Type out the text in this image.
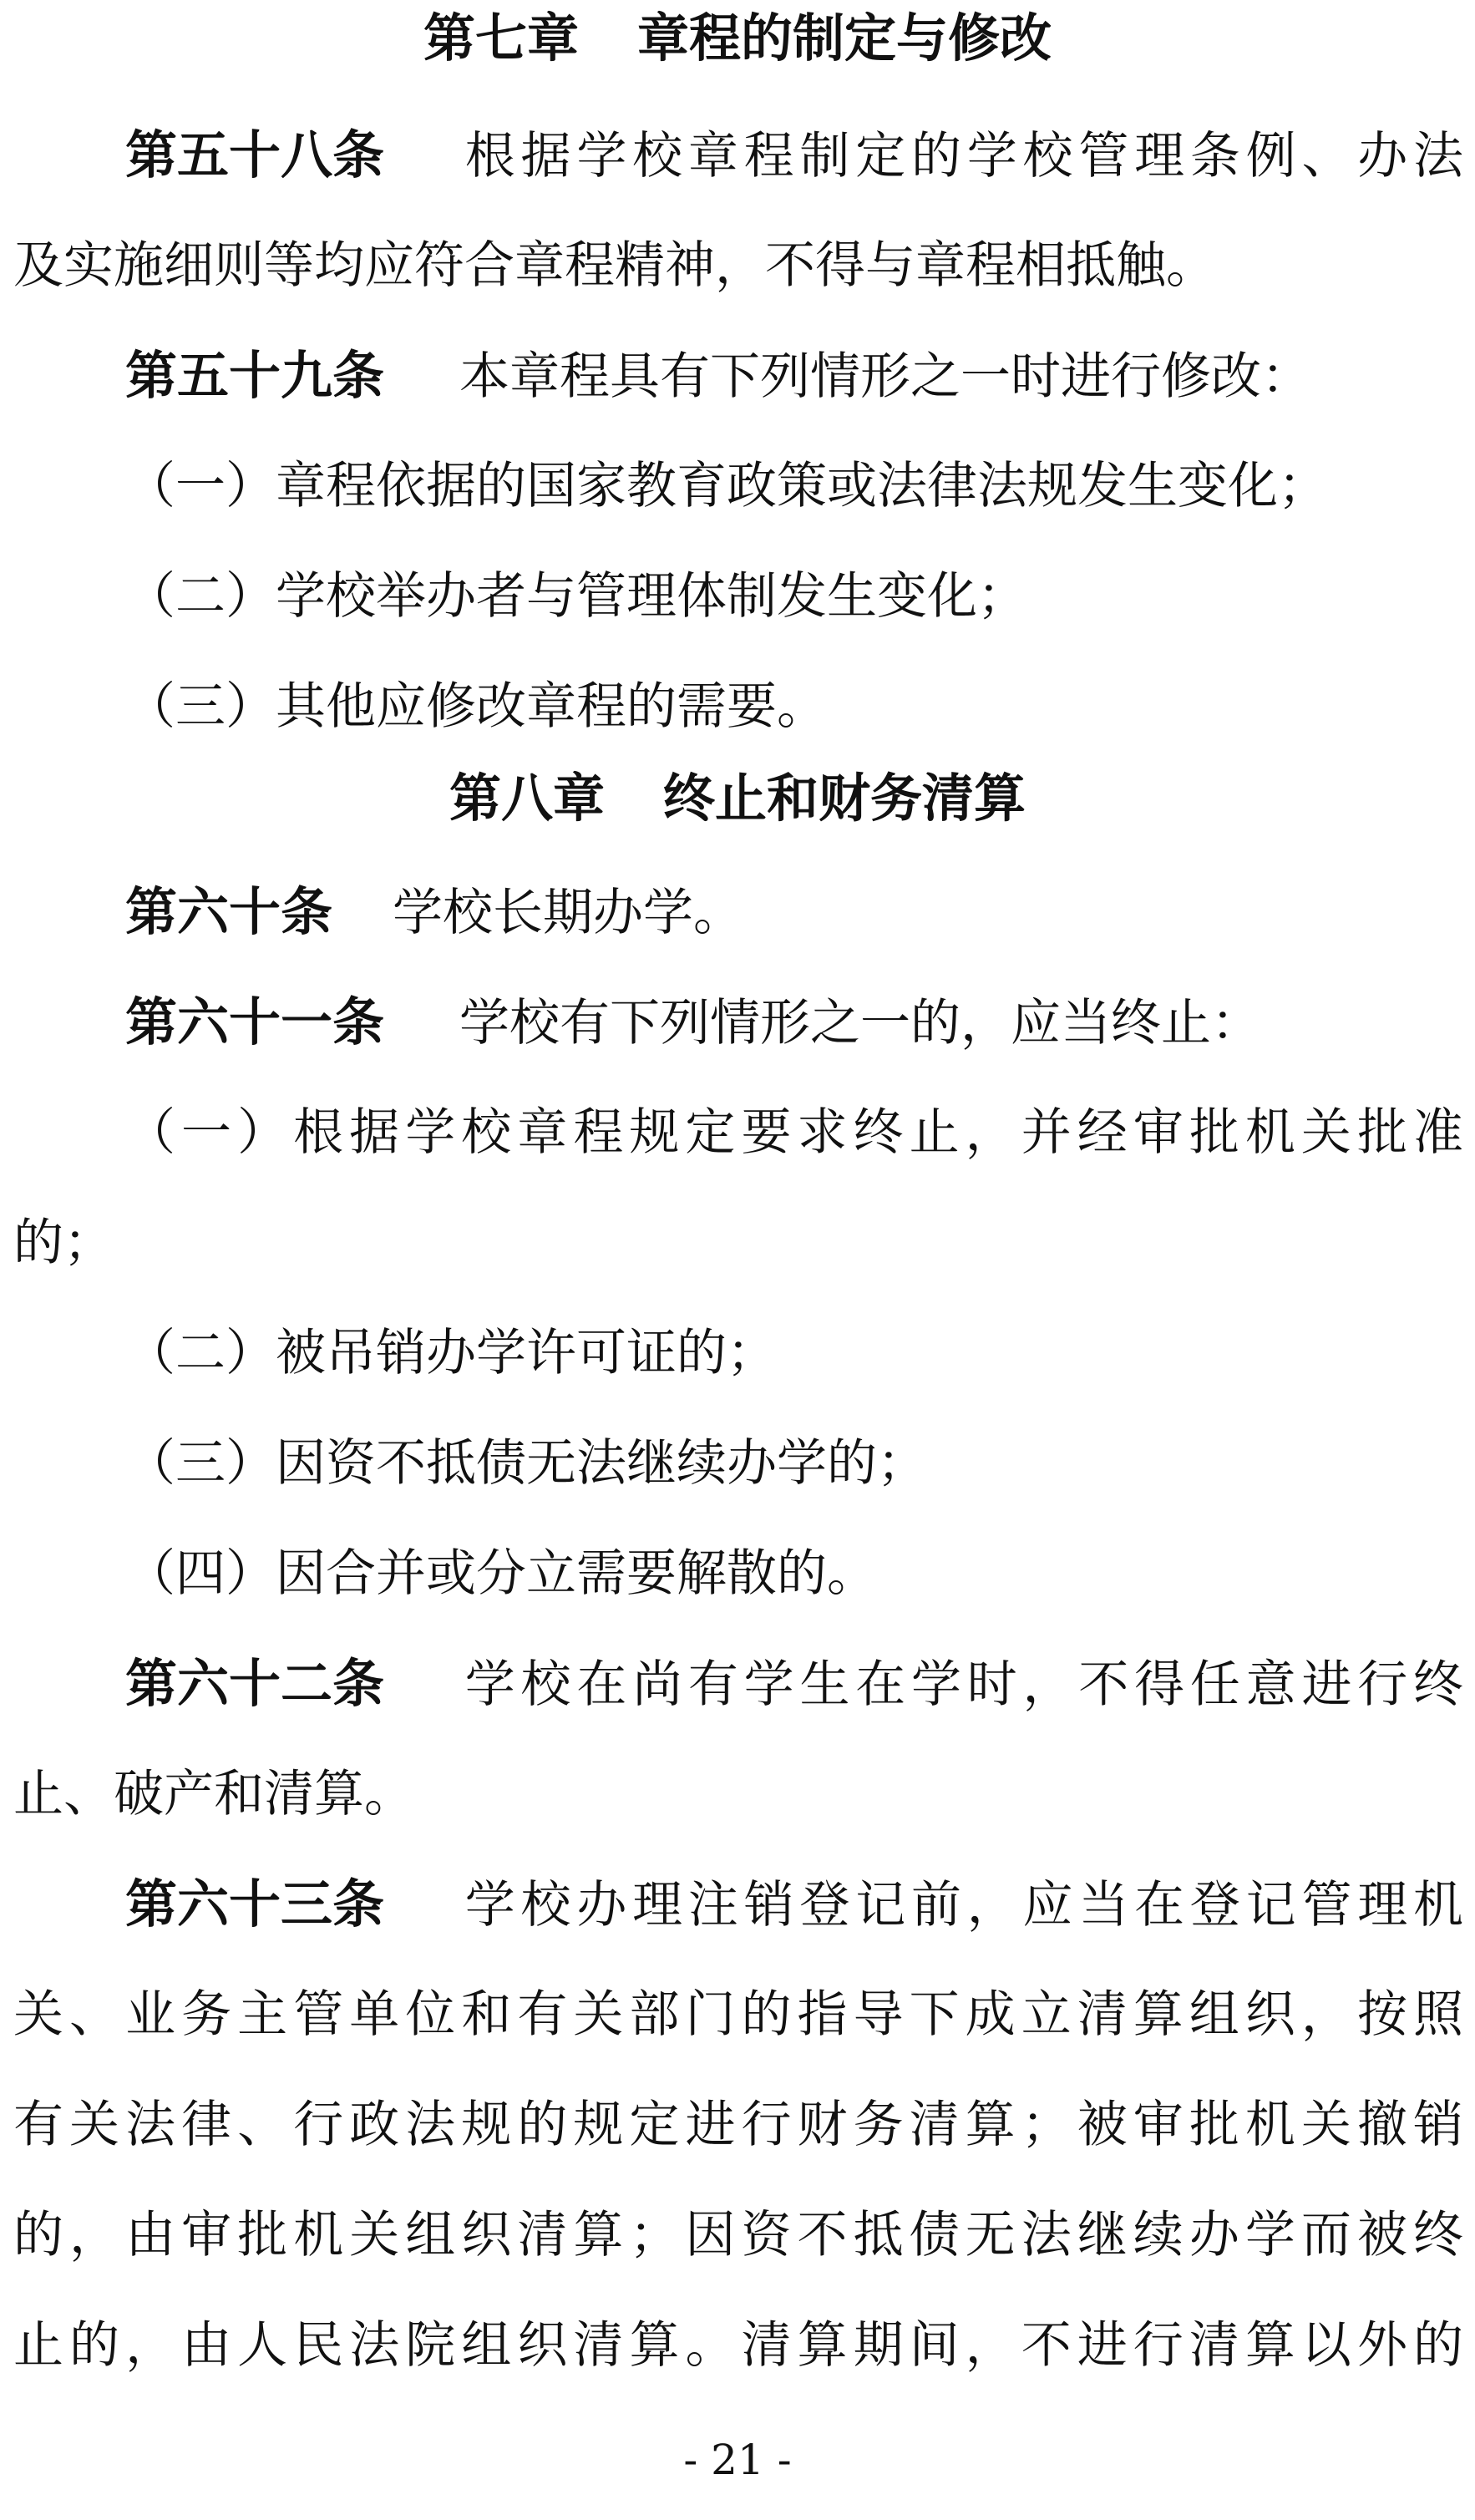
第七章 章程的制定与修改
第五十八条 根据学校章程制定的学校管理条例、办法
及实施细则等均应符合章程精神，不得与章程相抵触。
第五十九条 本章程具有下列情形之一时进行修改：
（一）章程依据的国家教育政策或法律法规发生变化；
（二）学校举办者与管理体制发生变化；
（三）其他应修改章程的需要。
第八章 终止和财务清算
第六十条 学校长期办学。
第六十一条 学校有下列情形之一的，应当终止：
（一）根据学校章程规定要求终止，并经审批机关批准
的；
（二）被吊销办学许可证的；
（三）因资不抵债无法继续办学的；
（四）因合并或分立需要解散的。
第六十二条 学校在尚有学生在学时，不得任意进行终
止、破产和清算。
第六十三条 学校办理注销登记前，应当在登记管理机
关、业务主管单位和有关部门的指导下成立清算组织，按照
有关法律、行政法规的规定进行财务清算；被审批机关撤销
的，由审批机关组织清算；因资不抵债无法继续办学而被终
止的，由人民法院组织清算。清算期间，不进行清算以外的
- 21 -
